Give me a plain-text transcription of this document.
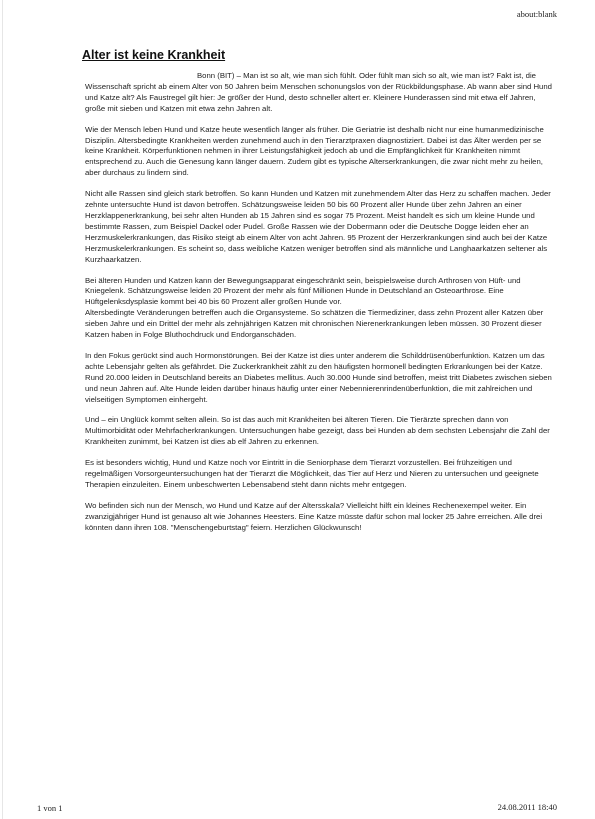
about:blank
Alter ist keine Krankheit

Bonn (BIT) – Man ist so alt, wie man sich fühlt. Oder fühlt man sich so alt, wie man ist? Fakt ist, die Wissenschaft spricht ab einem Alter von 50 Jahren beim Menschen schonungslos von der Rückbildungsphase. Ab wann aber sind Hund und Katze alt? Als Faustregel gilt hier: Je größer der Hund, desto schneller altert er. Kleinere Hunderassen sind mit etwa elf Jahren, große mit sieben und Katzen mit etwa zehn Jahren alt.

Wie der Mensch leben Hund und Katze heute wesentlich länger als früher. Die Geriatrie ist deshalb nicht nur eine humanmedizinische Disziplin. Altersbedingte Krankheiten werden zunehmend auch in den Tierarztpraxen diagnostiziert. Dabei ist das Älter werden per se keine Krankheit. Körperfunktionen nehmen in ihrer Leistungsfähigkeit jedoch ab und die Empfänglichkeit für Krankheiten nimmt entsprechend zu. Auch die Genesung kann länger dauern. Zudem gibt es typische Alterserkrankungen, die zwar nicht mehr zu heilen, aber durchaus zu lindern sind.

Nicht alle Rassen sind gleich stark betroffen. So kann Hunden und Katzen mit zunehmendem Alter das Herz zu schaffen machen. Jeder zehnte untersuchte Hund ist davon betroffen. Schätzungsweise leiden 50 bis 60 Prozent aller Hunde über zehn Jahren an einer Herzklappenerkrankung, bei sehr alten Hunden ab 15 Jahren sind es sogar 75 Prozent. Meist handelt es sich um kleine Hunde und bestimmte Rassen, zum Beispiel Dackel oder Pudel. Große Rassen wie der Dobermann oder die Deutsche Dogge leiden eher an Herzmuskelerkrankungen, das Risiko steigt ab einem Alter von acht Jahren. 95 Prozent der Herzerkrankungen sind auch bei der Katze Herzmuskelerkrankungen. Es scheint so, dass weibliche Katzen weniger betroffen sind als männliche und Langhaarkatzen seltener als Kurzhaarkatzen.

Bei älteren Hunden und Katzen kann der Bewegungsapparat eingeschränkt sein, beispielsweise durch Arthrosen von Hüft- und Kniegelenk. Schätzungsweise leiden 20 Prozent der mehr als fünf Millionen Hunde in Deutschland an Osteoarthrose. Eine Hüftgelenksdysplasie kommt bei 40 bis 60 Prozent aller großen Hunde vor.

Altersbedingte Veränderungen betreffen auch die Organsysteme. So schätzen die Tiermediziner, dass zehn Prozent aller Katzen über sieben Jahre und ein Drittel der mehr als zehnjährigen Katzen mit chronischen Nierenerkrankungen leben müssen. 30 Prozent dieser Katzen haben in Folge Bluthochdruck und Endorganschäden.

In den Fokus gerückt sind auch Hormonstörungen. Bei der Katze ist dies unter anderem die Schilddrüsenüberfunktion. Katzen um das achte Lebensjahr gelten als gefährdet. Die Zuckerkrankheit zählt zu den häufigsten hormonell bedingten Erkrankungen bei der Katze. Rund 20.000 leiden in Deutschland bereits an Diabetes mellitus. Auch 30.000 Hunde sind betroffen, meist tritt Diabetes zwischen sieben und neun Jahren auf. Alte Hunde leiden darüber hinaus häufig unter einer Nebennierenrindenüberfunktion, die mit zahlreichen und vielseitigen Symptomen einhergeht.

Und – ein Unglück kommt selten allein. So ist das auch mit Krankheiten bei älteren Tieren. Die Tierärzte sprechen dann von Multimorbidität oder Mehrfacherkrankungen. Untersuchungen habe gezeigt, dass bei Hunden ab dem sechsten Lebensjahr die Zahl der Krankheiten zunimmt, bei Katzen ist dies ab elf Jahren zu erkennen.

Es ist besonders wichtig, Hund und Katze noch vor Eintritt in die Seniorphase dem Tierarzt vorzustellen. Bei frühzeitigen und regelmäßigen Vorsorgeuntersuchungen hat der Tierarzt die Möglichkeit, das Tier auf Herz und Nieren zu untersuchen und geeignete Therapien einzuleiten. Einem unbeschwerten Lebensabend steht dann nichts mehr entgegen.

Wo befinden sich nun der Mensch, wo Hund und Katze auf der Altersskala? Vielleicht hilft ein kleines Rechenexempel weiter. Ein zwanzigjähriger Hund ist genauso alt wie Johannes Heesters. Eine Katze müsste dafür schon mal locker 25 Jahre erreichen. Alle drei könnten dann ihren 108. "Menschengeburtstag" feiern. Herzlichen Glückwunsch!

1 von 1	24.08.2011 18:40
